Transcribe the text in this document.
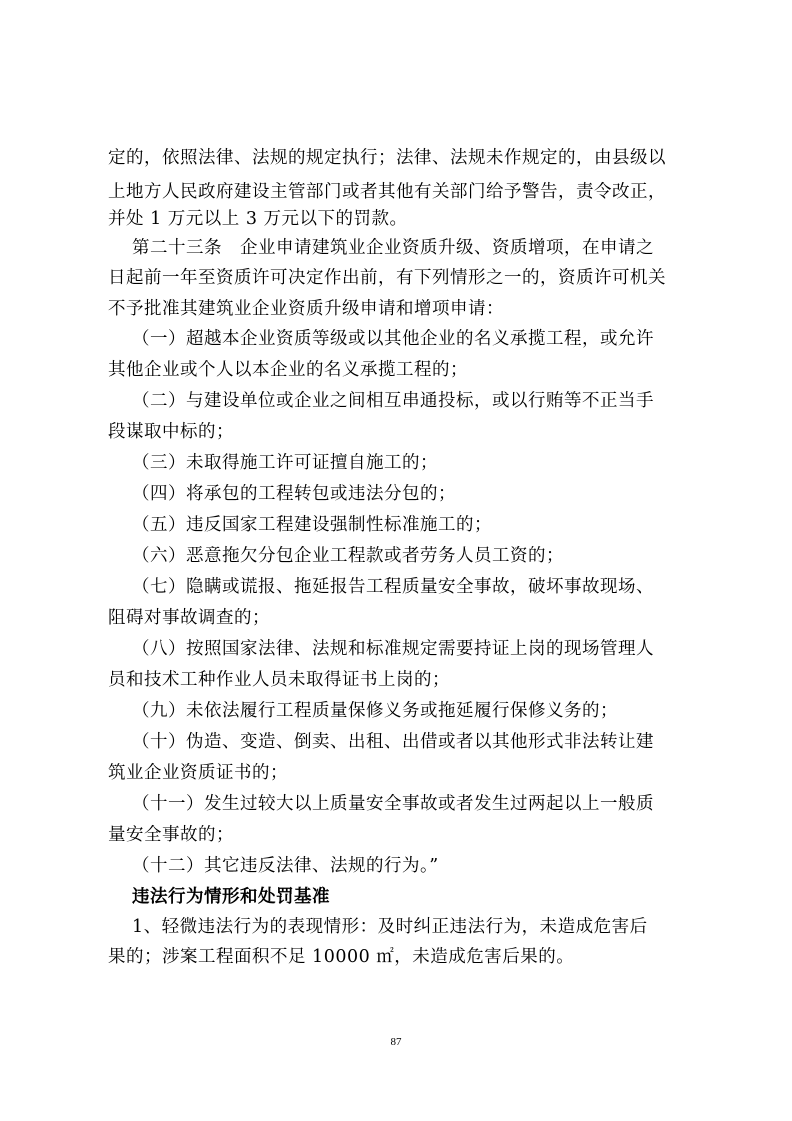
定的，依照法律、法规的规定执行；法律、法规未作规定的，由县级以
上地方人民政府建设主管部门或者其他有关部门给予警告，责令改正，
并处 1 万元以上 3 万元以下的罚款。
第二十三条　企业申请建筑业企业资质升级、资质增项，在申请之
日起前一年至资质许可决定作出前，有下列情形之一的，资质许可机关
不予批准其建筑业企业资质升级申请和增项申请：
（一）超越本企业资质等级或以其他企业的名义承揽工程，或允许
其他企业或个人以本企业的名义承揽工程的；
（二）与建设单位或企业之间相互串通投标，或以行贿等不正当手
段谋取中标的；
（三）未取得施工许可证擅自施工的；
（四）将承包的工程转包或违法分包的；
（五）违反国家工程建设强制性标准施工的；
（六）恶意拖欠分包企业工程款或者劳务人员工资的；
（七）隐瞒或谎报、拖延报告工程质量安全事故，破坏事故现场、
阻碍对事故调查的；
（八）按照国家法律、法规和标准规定需要持证上岗的现场管理人
员和技术工种作业人员未取得证书上岗的；
（九）未依法履行工程质量保修义务或拖延履行保修义务的；
（十）伪造、变造、倒卖、出租、出借或者以其他形式非法转让建
筑业企业资质证书的；
（十一）发生过较大以上质量安全事故或者发生过两起以上一般质
量安全事故的；
（十二）其它违反法律、法规的行为。”
违法行为情形和处罚基准
1、轻微违法行为的表现情形：及时纠正违法行为，未造成危害后
果的；涉案工程面积不足 10000 ㎡，未造成危害后果的。
87
